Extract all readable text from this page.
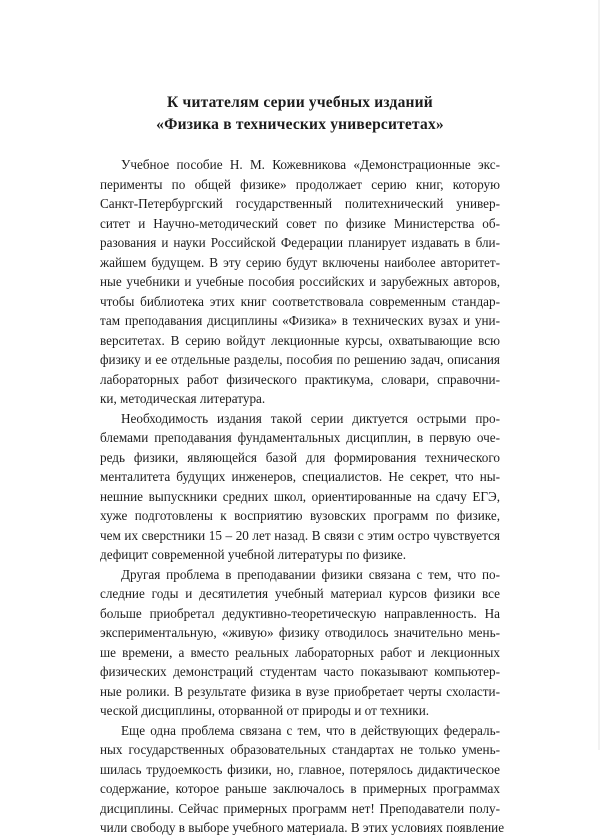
К читателям серии учебных изданий
«Физика в технических университетах»
Учебное пособие Н. М. Кожевникова «Демонстрационные экс-
перименты по общей физике» продолжает серию книг, которую
Санкт-Петербургский государственный политехнический универ-
ситет и Научно-методический совет по физике Министерства об-
разования и науки Российской Федерации планирует издавать в бли-
жайшем будущем. В эту серию будут включены наиболее авторитет-
ные учебники и учебные пособия российских и зарубежных авторов,
чтобы библиотека этих книг соответствовала современным стандар-
там преподавания дисциплины «Физика» в технических вузах и уни-
верситетах. В серию войдут лекционные курсы, охватывающие всю
физику и ее отдельные разделы, пособия по решению задач, описания
лабораторных работ физического практикума, словари, справочни-
ки, методическая литература.
Необходимость издания такой серии диктуется острыми про-
блемами преподавания фундаментальных дисциплин, в первую оче-
редь физики, являющейся базой для формирования технического
менталитета будущих инженеров, специалистов. Не секрет, что ны-
нешние выпускники средних школ, ориентированные на сдачу ЕГЭ,
хуже подготовлены к восприятию вузовских программ по физике,
чем их сверстники 15 – 20 лет назад. В связи с этим остро чувствуется
дефицит современной учебной литературы по физике.
Другая проблема в преподавании физики связана с тем, что по-
следние годы и десятилетия учебный материал курсов физики все
больше приобретал дедуктивно-теоретическую направленность. На
экспериментальную, «живую» физику отводилось значительно мень-
ше времени, а вместо реальных лабораторных работ и лекционных
физических демонстраций студентам часто показывают компьютер-
ные ролики. В результате физика в вузе приобретает черты схоласти-
ческой дисциплины, оторванной от природы и от техники.
Еще одна проблема связана с тем, что в действующих федераль-
ных государственных образовательных стандартах не только умень-
шилась трудоемкость физики, но, главное, потерялось дидактическое
содержание, которое раньше заключалось в примерных программах
дисциплины. Сейчас примерных программ нет! Преподаватели полу-
чили свободу в выборе учебного материала. В этих условиях появление
